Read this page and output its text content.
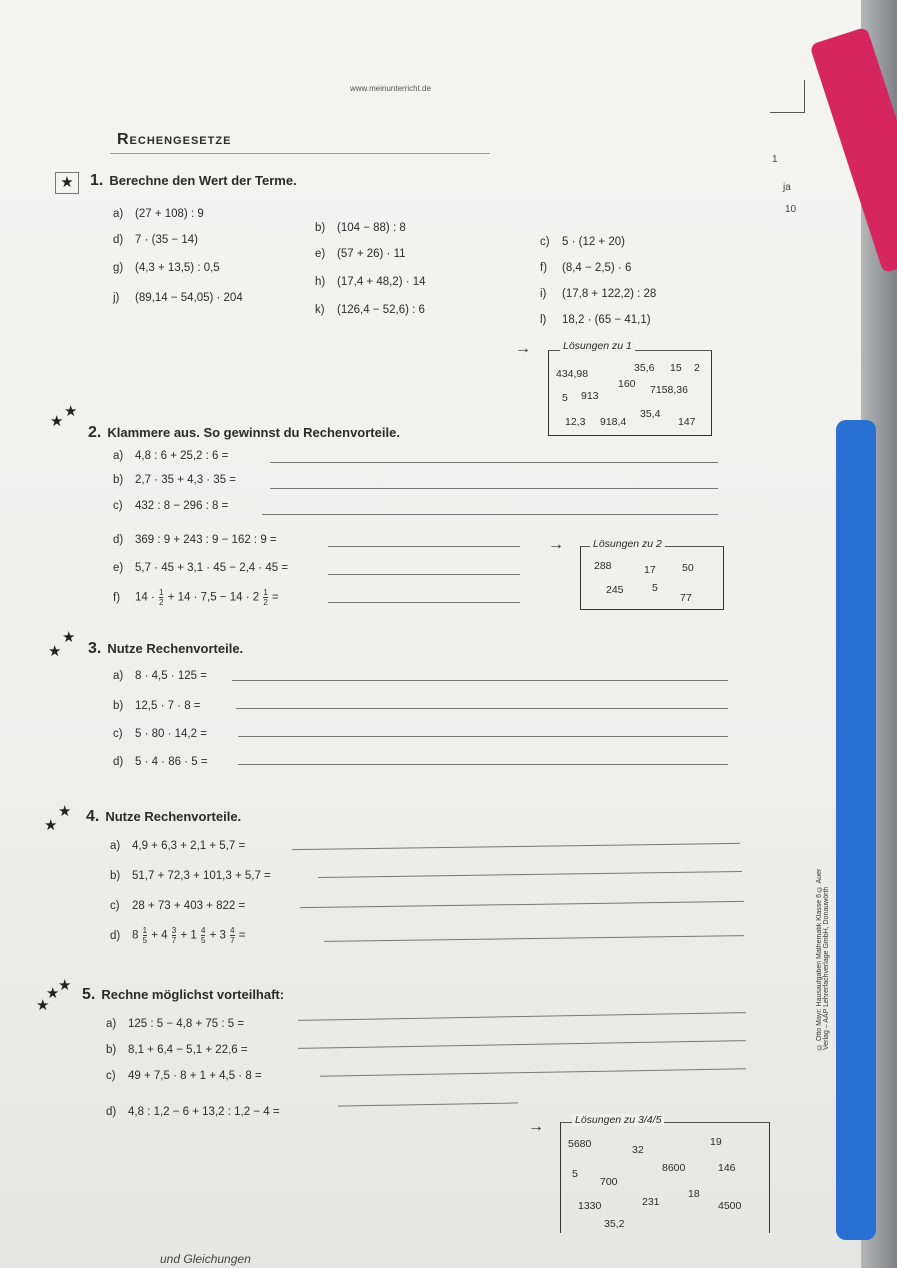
www.meinunterricht.de
Rechengesetze
1
ja
10
★	1. Berechne den Wert der Terme.
a) (27 + 108) : 9
b) (104 − 88) : 8
c) 5 · (12 + 20)
d) 7 · (35 − 14)
e) (57 + 26) · 11
f) (8,4 − 2,5) · 6
g) (4,3 + 13,5) : 0,5
h) (17,4 + 48,2) · 14
i) (17,8 + 122,2) : 28
j) (89,14 − 54,05) · 204
k) (126,4 − 52,6) : 6
l) 18,2 · (65 − 41,1)
→	Lösungen zu 1
434,98	35,6 15 2
5 913
160 7158,36
12,3 918,4
35,4
147
★
★
2. Klammere aus. So gewinnst du Rechenvorteile.
a) 4,8 : 6 + 25,2 : 6 =
b) 2,7 · 35 + 4,3 · 35 =
c) 432 : 8 − 296 : 8 =
d) 369 : 9 + 243 : 9 − 162 : 9 =
e) 5,7 · 45 + 3,1 · 45 − 2,4 · 45 =
f) $14 \cdot \frac{1}{2} + 14 \cdot 7,5 - 14 \cdot 2 \frac{1}{2}$ =
→	Lösungen zu 2
288	17	50
245	5
77
★
★
3. Nutze Rechenvorteile.
a) 8 · 4,5 · 125 =
b) 12,5 · 7 · 8 =
c) 5 · 80 · 14,2 =
d) 5 · 4 · 86 · 5 =
★
★ 4. Nutze Rechenvorteile.
a) 4,9 + 6,3 + 2,1 + 5,7 =
b) 51,7 + 72,3 + 101,3 + 5,7 =
c) 28 + 73 + 403 + 822 =
d) $8 \frac{1}{5} + 4 \frac{3}{7} + 1 \frac{4}{5} + 3 \frac{4}{7}$ =
★
★
★
5. Rechne möglichst vorteilhaft:
a) 125 : 5 − 4,8 + 75 : 5 =
b) 8,1 + 6,4 − 5,1 + 22,6 =
c) 49 + 7,5 · 8 + 1 + 4,5 · 8 =
d) 4,8 : 1,2 − 6 + 13,2 : 1,2 − 4 =
→	Lösungen zu 3/4/5
5680	32
19
5
700
8600	146
1330	231
18
4500
35,2
© Otto Mayr: Hausaufgaben Mathematik Klasse 6 © Auer Verlag – AAP Lehrerfachverlage GmbH, Donauwörth
und Gleichungen
